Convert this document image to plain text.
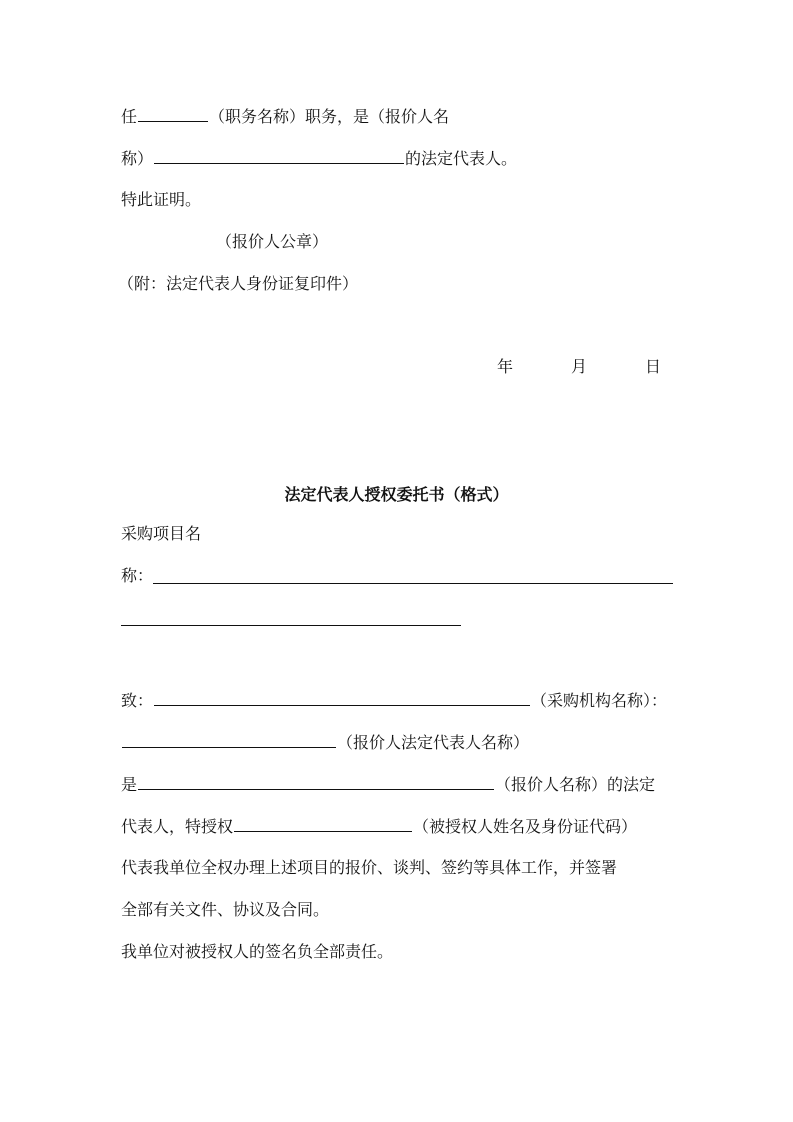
任	（职务名称）职务，是（报价人名
称）	的法定代表人。
特此证明。
（报价人公章）
（附：法定代表人身份证复印件）
年	月	日
法定代表人授权委托书（格式）
采购项目名
称：
致：	（采购机构名称）：
（报价人法定代表人名称）
是	（报价人名称）的法定
代表人，特授权	（被授权人姓名及身份证代码）
代表我单位全权办理上述项目的报价、谈判、签约等具体工作，并签署
全部有关文件、协议及合同。
我单位对被授权人的签名负全部责任。
